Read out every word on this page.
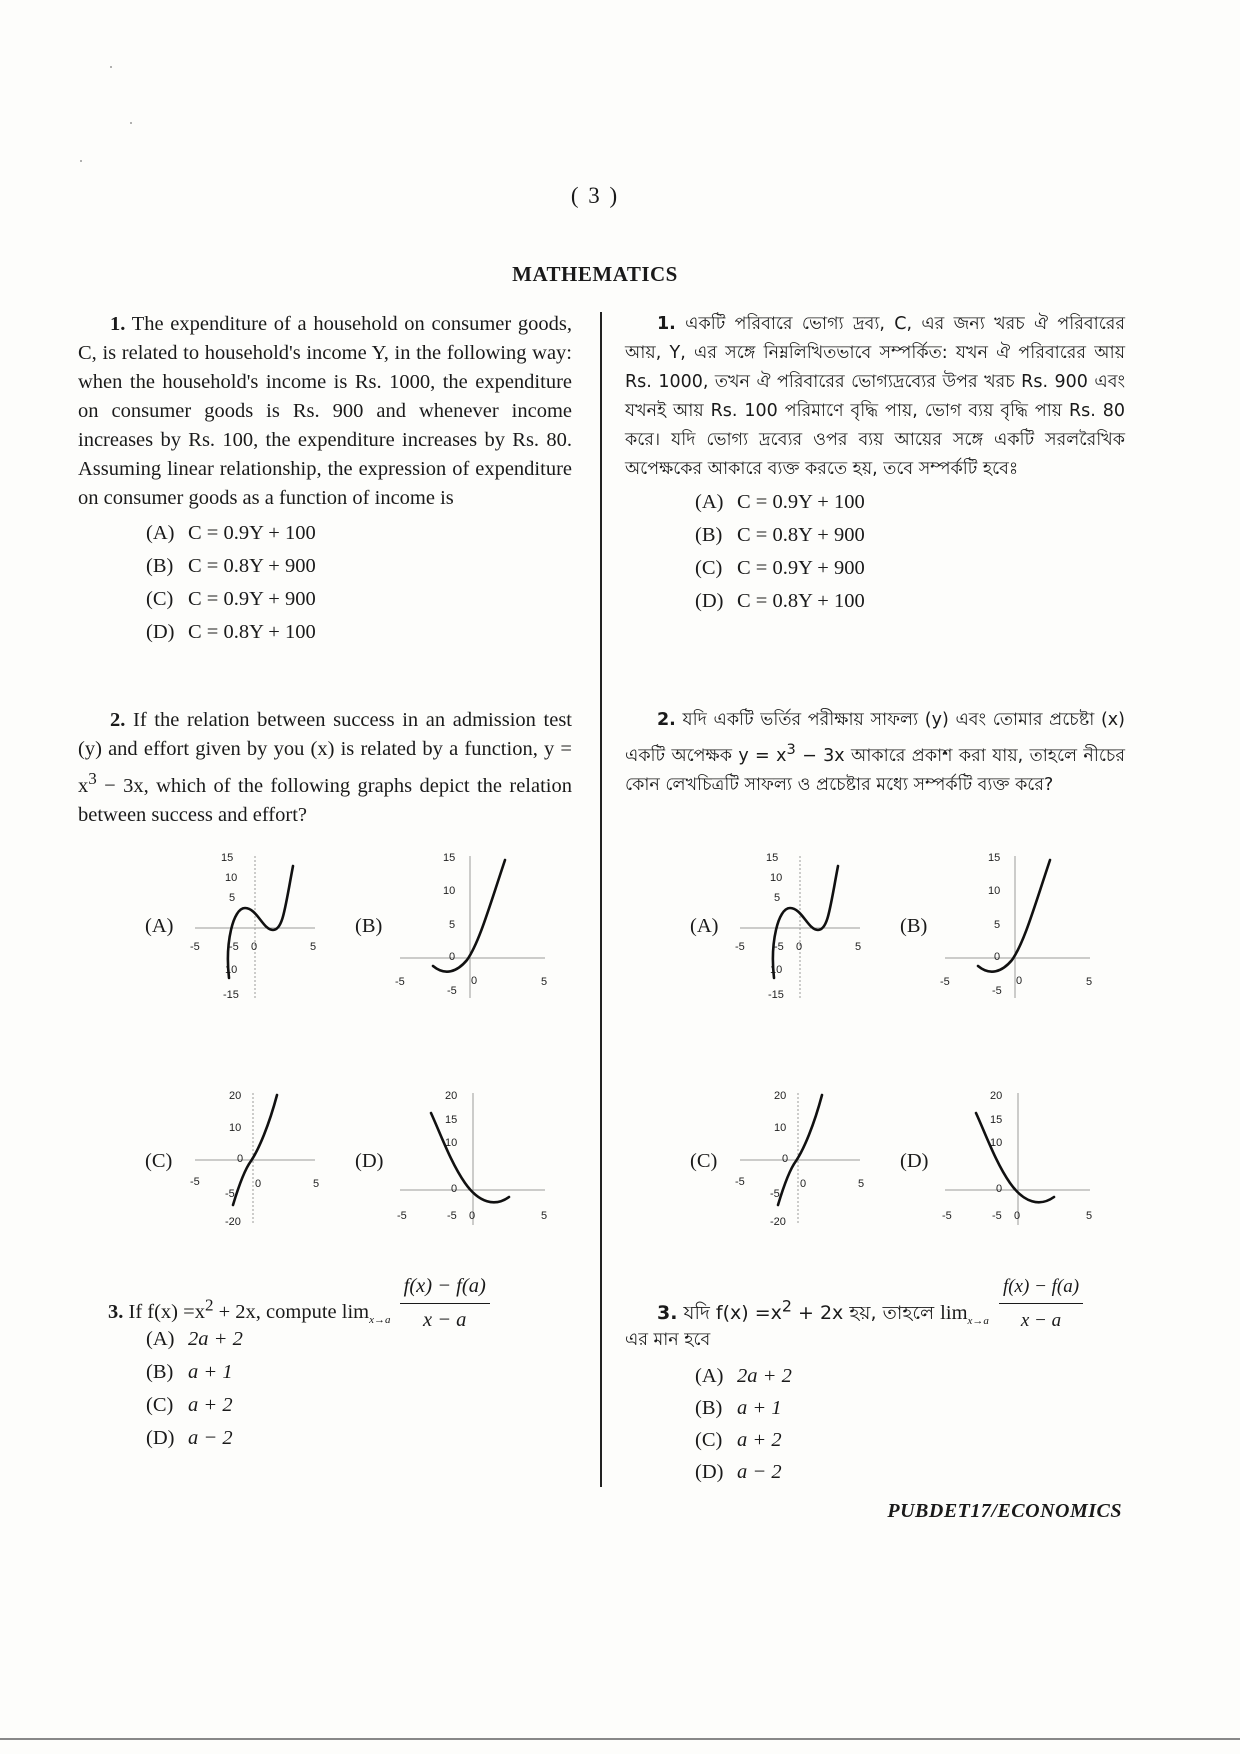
( 3 )
MATHEMATICS
1. The expenditure of a household on consumer goods, C, is related to household's income Y, in the following way: when the household's income is Rs. 1000, the expenditure on consumer goods is Rs. 900 and whenever income increases by Rs. 100, the expenditure increases by Rs. 80. Assuming linear relationship, the expression of expenditure on consumer goods as a function of income is
(A) C = 0.9Y + 100
(B) C = 0.8Y + 900
(C) C = 0.9Y + 900
(D) C = 0.8Y + 100
2. If the relation between success in an admission test (y) and effort given by you (x) is related by a function, $y = x^3 - 3x$, which of the following graphs depict the relation between success and effort?
(A)	(B)
(C)	(D)
15
10
5
-5	-5 0	5
10
-15
15
10
5
0
-5
-5
0	5
20
10
0
-5
-5
0	5
-20
20
15
10
0
-5	-5 0	5
3. If $f(x) =x^2 + 2x$, compute $\lim_{x\to a} \frac{f(x) - f(a)}{x - a}$
(A) 2a + 2
(B) a + 1
(C) a + 2
(D) a − 2
1. একটি পরিবারে ভোগ্য দ্রব্য, C, এর জন্য খরচ ঐ পরিবারের আয়, Y, এর সঙ্গে নিম্নলিখিতভাবে সম্পর্কিত: যখন ঐ পরিবারের আয় Rs. 1000, তখন ঐ পরিবারের ভোগ্যদ্রব্যের উপর খরচ Rs. 900 এবং যখনই আয় Rs. 100 পরিমাণে বৃদ্ধি পায়, ভোগ ব্যয় বৃদ্ধি পায় Rs. 80 করে। যদি ভোগ্য দ্রব্যের ওপর ব্যয় আয়ের সঙ্গে একটি সরলরৈখিক অপেক্ষকের আকারে ব্যক্ত করতে হয়, তবে সম্পর্কটি হবেঃ
(A) C = 0.9Y + 100
(B) C = 0.8Y + 900
(C) C = 0.9Y + 900
(D) C = 0.8Y + 100
2. যদি একটি ভর্তির পরীক্ষায় সাফল্য (y) এবং তোমার প্রচেষ্টা (x) একটি অপেক্ষক $y = x^3 - 3x$ আকারে প্রকাশ করা যায়, তাহলে নীচের কোন লেখচিত্রটি সাফল্য ও প্রচেষ্টার মধ্যে সম্পর্কটি ব্যক্ত করে?
(A)	(B)
(C)	(D)
15
10
5
-5	-5 0	5
10
-15
15
10
5
0
-5
-5
0	5
20
10
0
-5
-5
0	5
-20
20
15
10
0
-5	-5 0	5
3. যদি $f(x) =x^2 + 2x$ হয়, তাহলে $\lim_{x\to a} \frac{f(x) - f(a)}{x - a}$
এর মান হবে
(A) 2a + 2
(B) a + 1
(C) a + 2
(D) a − 2
PUBDET17/ECONOMICS
